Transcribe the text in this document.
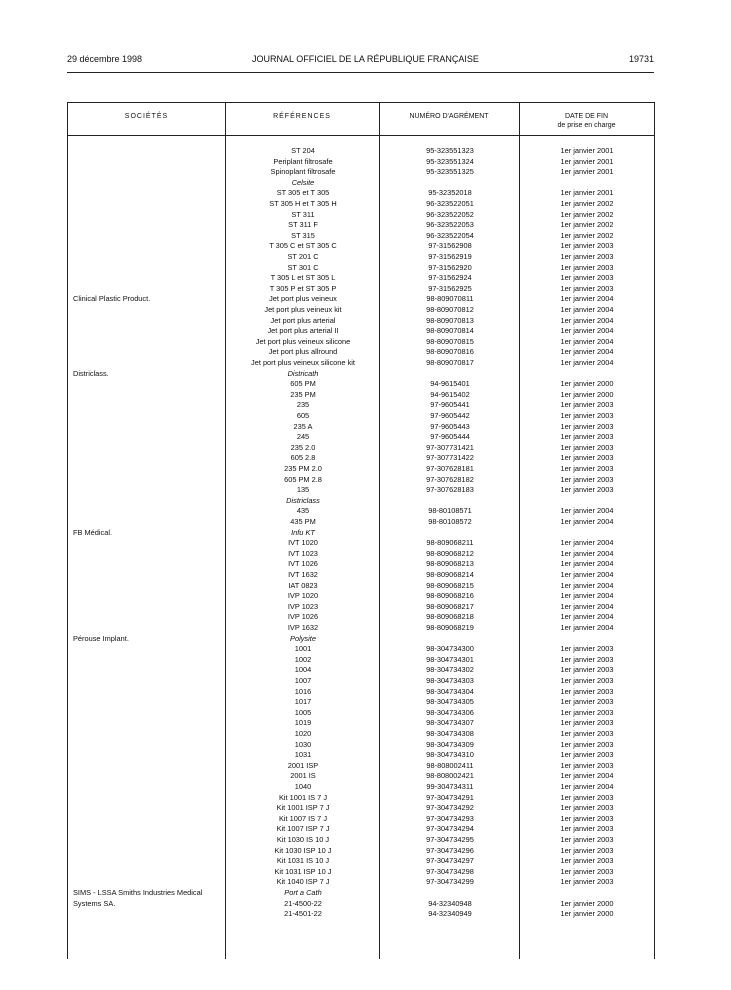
29 décembre 1998	JOURNAL OFFICIEL DE LA RÉPUBLIQUE FRANÇAISE	19731
SOCIÉTÉS	RÉFÉRENCES	NUMÉRO D'AGRÉMENT	DATE DE FIN
de prise en charge
ST 204	95-323551323	1er janvier 2001
Periplant filtrosafe	95-323551324	1er janvier 2001
Spinoplant filtrosafe	95-323551325	1er janvier 2001
Celsite
ST 305 et T 305	95-32352018	1er janvier 2001
ST 305 H et T 305 H	96-323522051	1er janvier 2002
ST 311	96-323522052	1er janvier 2002
ST 311 F	96-323522053	1er janvier 2002
ST 315	96-323522054	1er janvier 2002
T 305 C et ST 305 C	97-31562908	1er janvier 2003
ST 201 C	97-31562919	1er janvier 2003
ST 301 C	97-31562920	1er janvier 2003
T 305 L et ST 305 L	97-31562924	1er janvier 2003
T 305 P et ST 305 P	97-31562925	1er janvier 2003
Clinical Plastic Product.	Jet port plus veineux	98-809070811	1er janvier 2004
Jet port plus veineux kit	98-809070812	1er janvier 2004
Jet port plus arterial	98-809070813	1er janvier 2004
Jet port plus arterial II	98-809070814	1er janvier 2004
Jet port plus veineux silicone	98-809070815	1er janvier 2004
Jet port plus allround	98-809070816	1er janvier 2004
Jet port plus veineux silicone kit	98-809070817	1er janvier 2004
Districlass.	Districath
605 PM	94-9615401	1er janvier 2000
235 PM	94-9615402	1er janvier 2000
235	97-9605441	1er janvier 2003
605	97-9605442	1er janvier 2003
235 A	97-9605443	1er janvier 2003
245	97-9605444	1er janvier 2003
235 2.0	97-307731421	1er janvier 2003
605 2.8	97-307731422	1er janvier 2003
235 PM 2.0	97-307628181	1er janvier 2003
605 PM 2.8	97-307628182	1er janvier 2003
135	97-307628183	1er janvier 2003
Districlass
435	98-80108571	1er janvier 2004
435 PM	98-80108572	1er janvier 2004
FB Médical.	Infu KT
IVT 1020	98-809068211	1er janvier 2004
IVT 1023	98-809068212	1er janvier 2004
IVT 1026	98-809068213	1er janvier 2004
IVT 1632	98-809068214	1er janvier 2004
IAT 0823	98-809068215	1er janvier 2004
IVP 1020	98-809068216	1er janvier 2004
IVP 1023	98-809068217	1er janvier 2004
IVP 1026	98-809068218	1er janvier 2004
IVP 1632	98-809068219	1er janvier 2004
Pérouse Implant.	Polysite
1001	98-304734300	1er janvier 2003
1002	98-304734301	1er janvier 2003
1004	98-304734302	1er janvier 2003
1007	98-304734303	1er janvier 2003
1016	98-304734304	1er janvier 2003
1017	98-304734305	1er janvier 2003
1005	98-304734306	1er janvier 2003
1019	98-304734307	1er janvier 2003
1020	98-304734308	1er janvier 2003
1030	98-304734309	1er janvier 2003
1031	98-304734310	1er janvier 2003
2001 ISP	98-808002411	1er janvier 2003
2001 IS	98-808002421	1er janvier 2004
1040	99-304734311	1er janvier 2004
Kit 1001 IS 7 J	97-304734291	1er janvier 2003
Kit 1001 ISP 7 J	97-304734292	1er janvier 2003
Kit 1007 IS 7 J	97-304734293	1er janvier 2003
Kit 1007 ISP 7 J	97-304734294	1er janvier 2003
Kit 1030 IS 10 J	97-304734295	1er janvier 2003
Kit 1030 ISP 10 J	97-304734296	1er janvier 2003
Kit 1031 IS 10 J	97-304734297	1er janvier 2003
Kit 1031 ISP 10 J	97-304734298	1er janvier 2003
Kit 1040 ISP 7 J	97-304734299	1er janvier 2003
SIMS - LSSA Smiths Industries Medical	Port a Cath
Systems SA.	21-4500-22	94-32340948	1er janvier 2000
21-4501-22	94-32340949	1er janvier 2000
